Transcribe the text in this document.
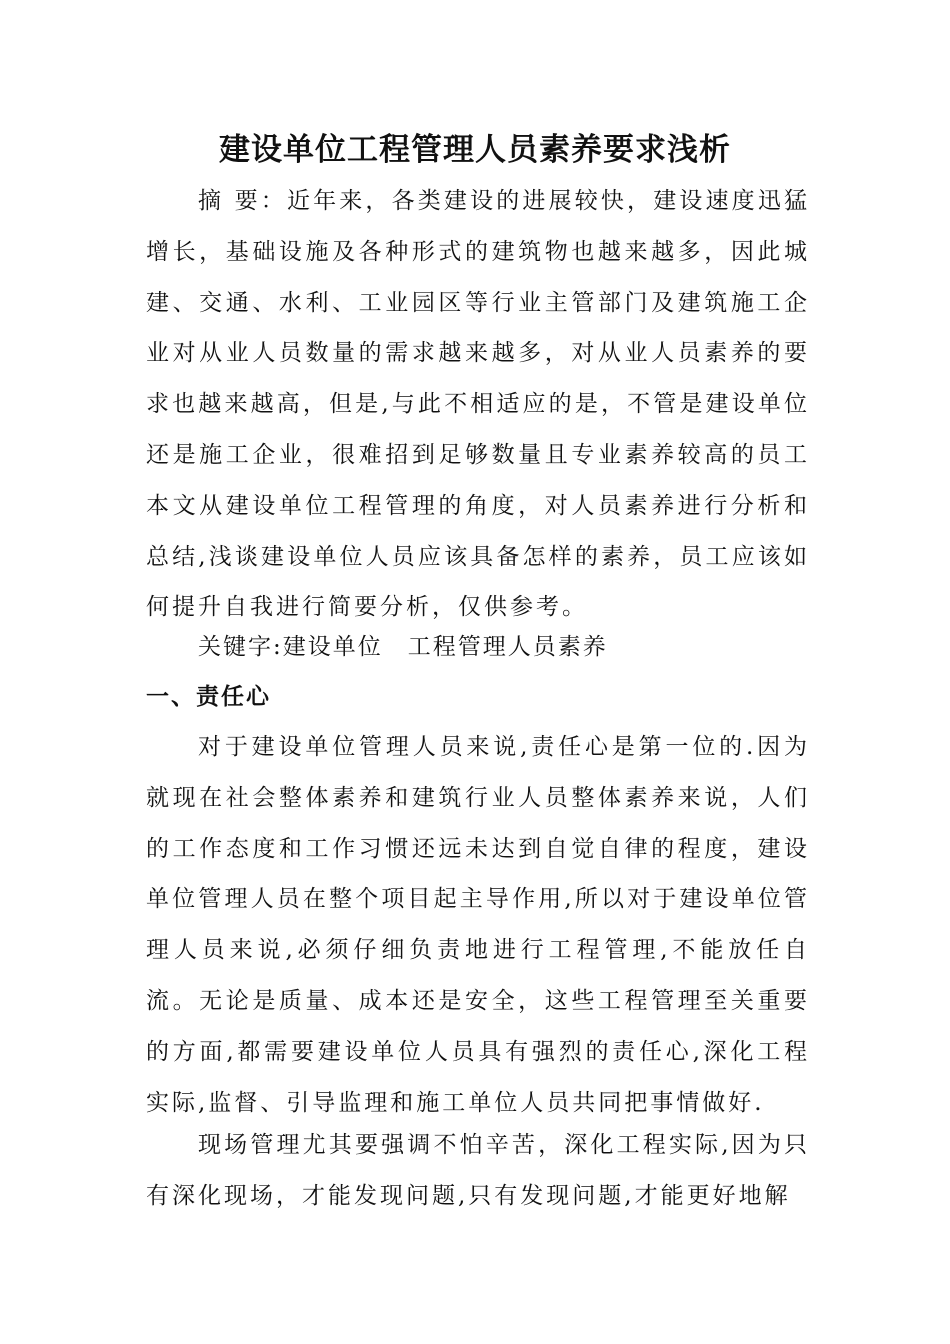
建设单位工程管理人员素养要求浅析

摘 要：近年来，各类建设的进展较快，建设速度迅猛增长，基础设施及各种形式的建筑物也越来越多，因此城建、交通、水利、工业园区等行业主管部门及建筑施工企业对从业人员数量的需求越来越多，对从业人员素养的要求也越来越高，但是,与此不相适应的是，不管是建设单位还是施工企业，很难招到足够数量且专业素养较高的员工本文从建设单位工程管理的角度，对人员素养进行分析和总结,浅谈建设单位人员应该具备怎样的素养，员工应该如何提升自我进行简要分析，仅供参考。

关键字:建设单位　工程管理人员素养

一、责任心

对于建设单位管理人员来说,责任心是第一位的.因为就现在社会整体素养和建筑行业人员整体素养来说，人们的工作态度和工作习惯还远未达到自觉自律的程度，建设单位管理人员在整个项目起主导作用,所以对于建设单位管理人员来说,必须仔细负责地进行工程管理,不能放任自流。无论是质量、成本还是安全，这些工程管理至关重要的方面,都需要建设单位人员具有强烈的责任心,深化工程实际,监督、引导监理和施工单位人员共同把事情做好.

现场管理尤其要强调不怕辛苦，深化工程实际,因为只有深化现场，才能发现问题,只有发现问题,才能更好地解
